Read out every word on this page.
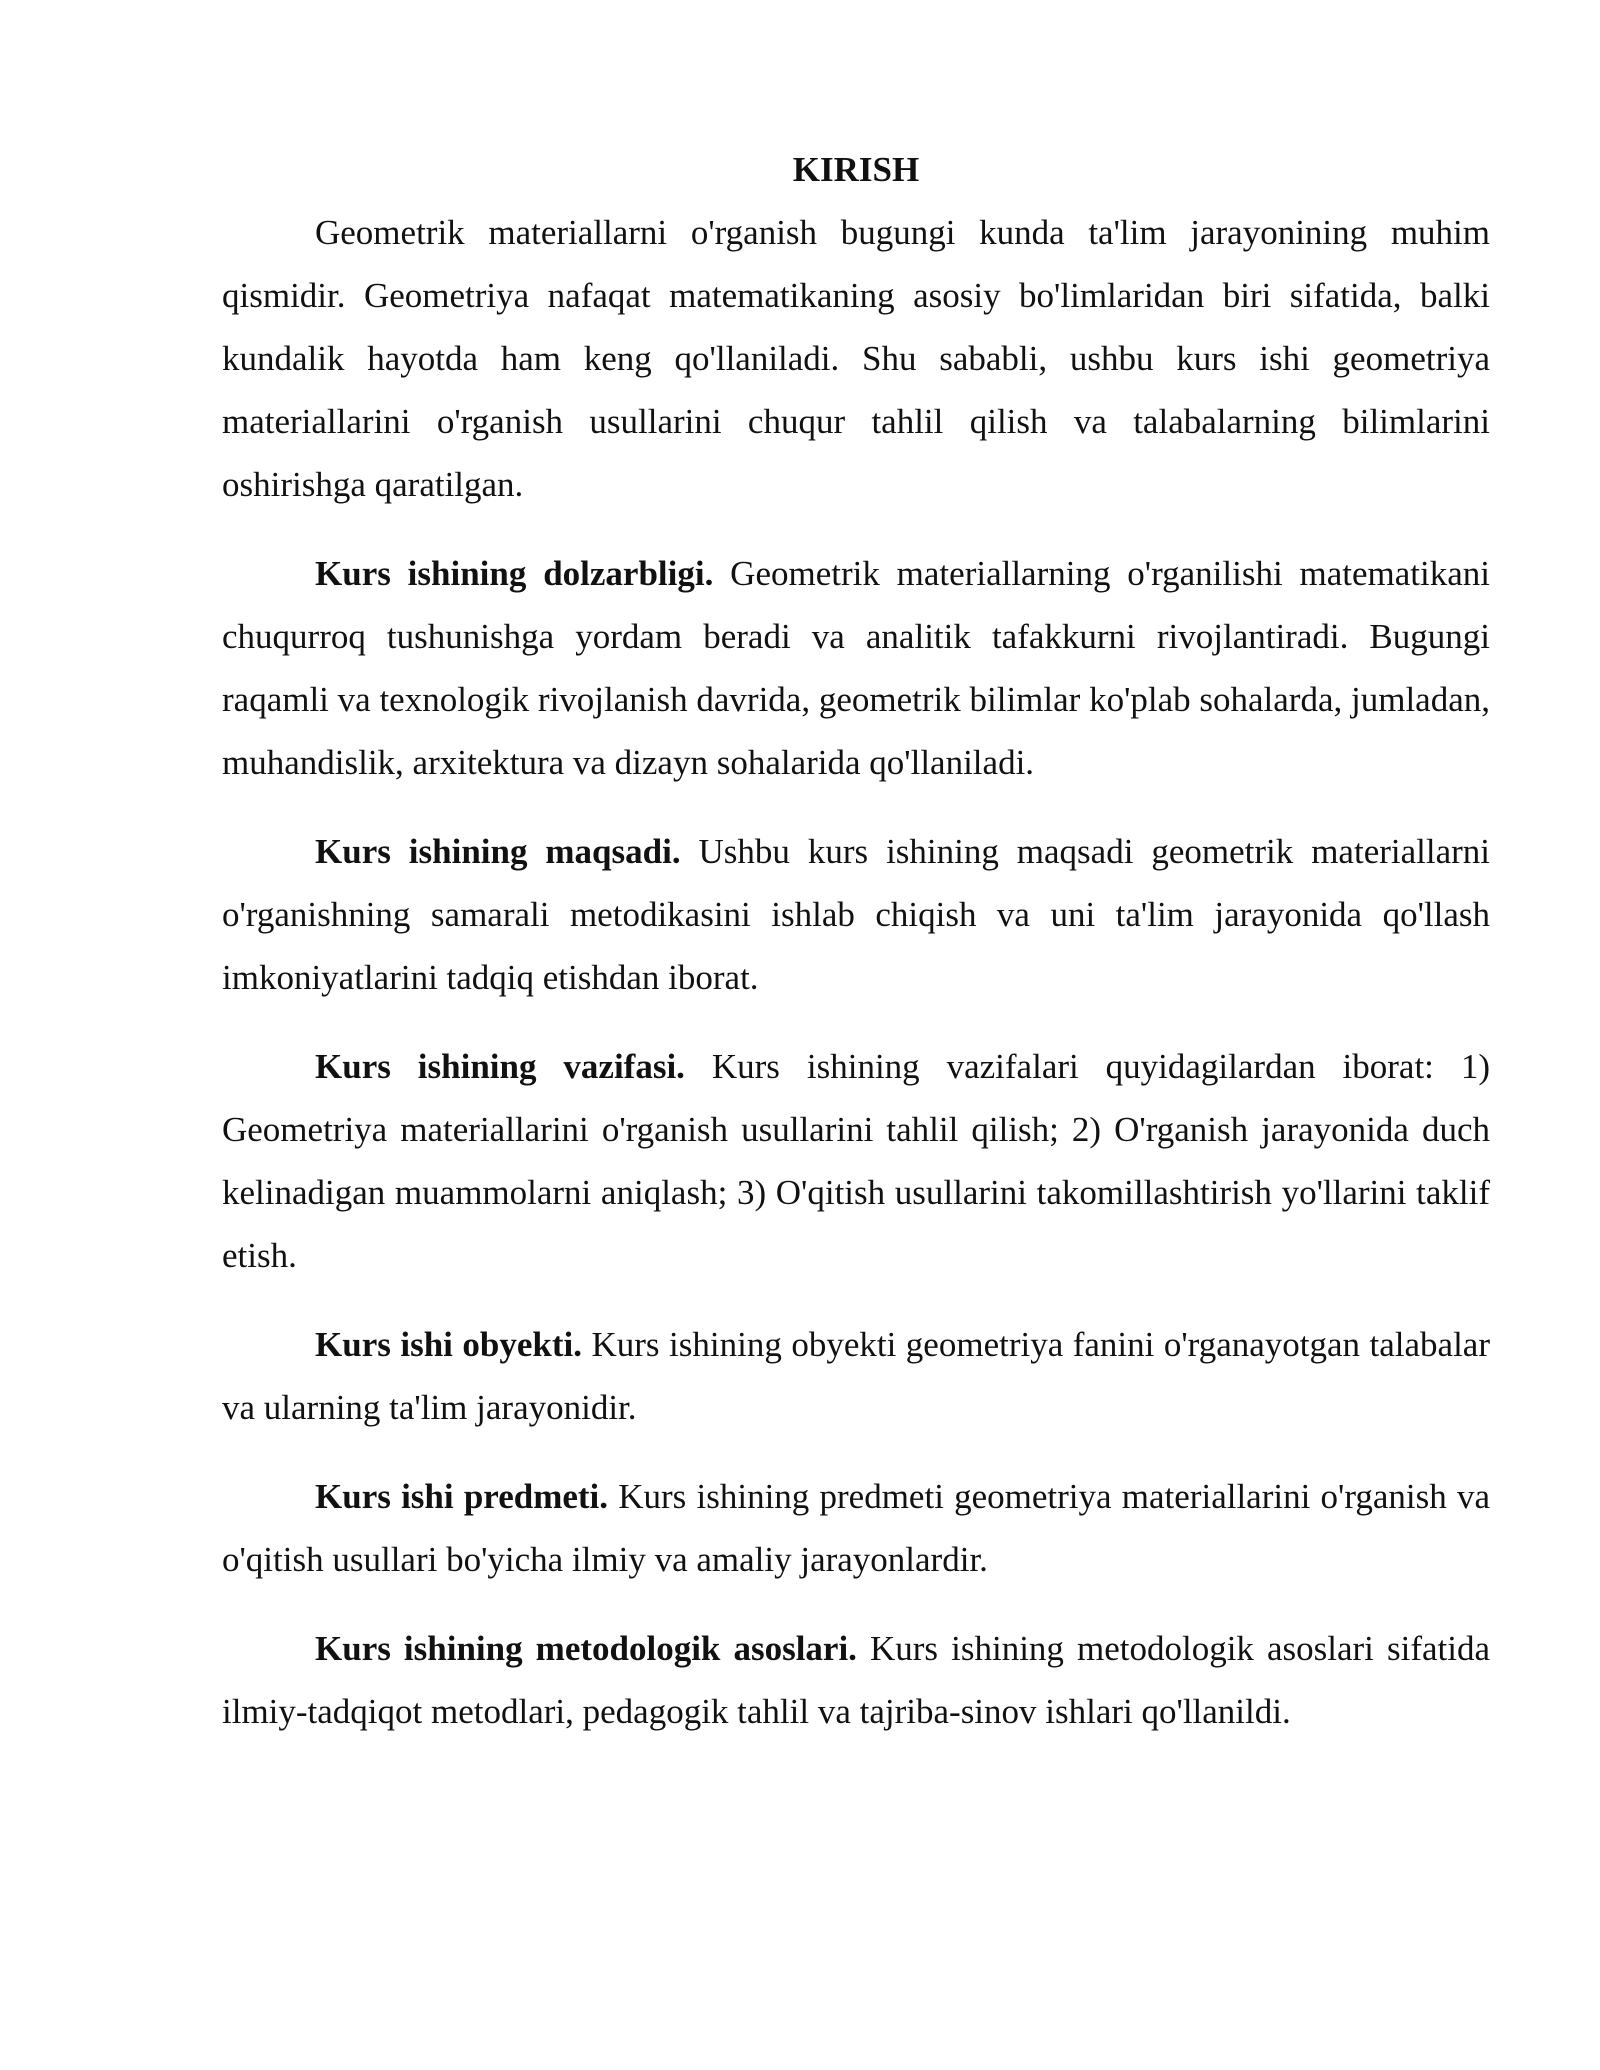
KIRISH

Geometrik materiallarni o'rganish bugungi kunda ta'lim jarayonining muhim qismidir. Geometriya nafaqat matematikaning asosiy bo'limlaridan biri sifatida, balki kundalik hayotda ham keng qo'llaniladi. Shu sababli, ushbu kurs ishi geometriya materiallarini o'rganish usullarini chuqur tahlil qilish va talabalarning bilimlarini oshirishga qaratilgan.

Kurs ishining dolzarbligi. Geometrik materiallarning o'rganilishi matematikani chuqurroq tushunishga yordam beradi va analitik tafakkurni rivojlantiradi. Bugungi raqamli va texnologik rivojlanish davrida, geometrik bilimlar ko'plab sohalarda, jumladan, muhandislik, arxitektura va dizayn sohalarida qo'llaniladi.

Kurs ishining maqsadi. Ushbu kurs ishining maqsadi geometrik materiallarni o'rganishning samarali metodikasini ishlab chiqish va uni ta'lim jarayonida qo'llash imkoniyatlarini tadqiq etishdan iborat.

Kurs ishining vazifasi. Kurs ishining vazifalari quyidagilardan iborat: 1) Geometriya materiallarini o'rganish usullarini tahlil qilish; 2) O'rganish jarayonida duch kelinadigan muammolarni aniqlash; 3) O'qitish usullarini takomillashtirish yo'llarini taklif etish.

Kurs ishi obyekti. Kurs ishining obyekti geometriya fanini o'rganayotgan talabalar va ularning ta'lim jarayonidir.

Kurs ishi predmeti. Kurs ishining predmeti geometriya materiallarini o'rganish va o'qitish usullari bo'yicha ilmiy va amaliy jarayonlardir.

Kurs ishining metodologik asoslari. Kurs ishining metodologik asoslari sifatida ilmiy-tadqiqot metodlari, pedagogik tahlil va tajriba-sinov ishlari qo'llanildi.
